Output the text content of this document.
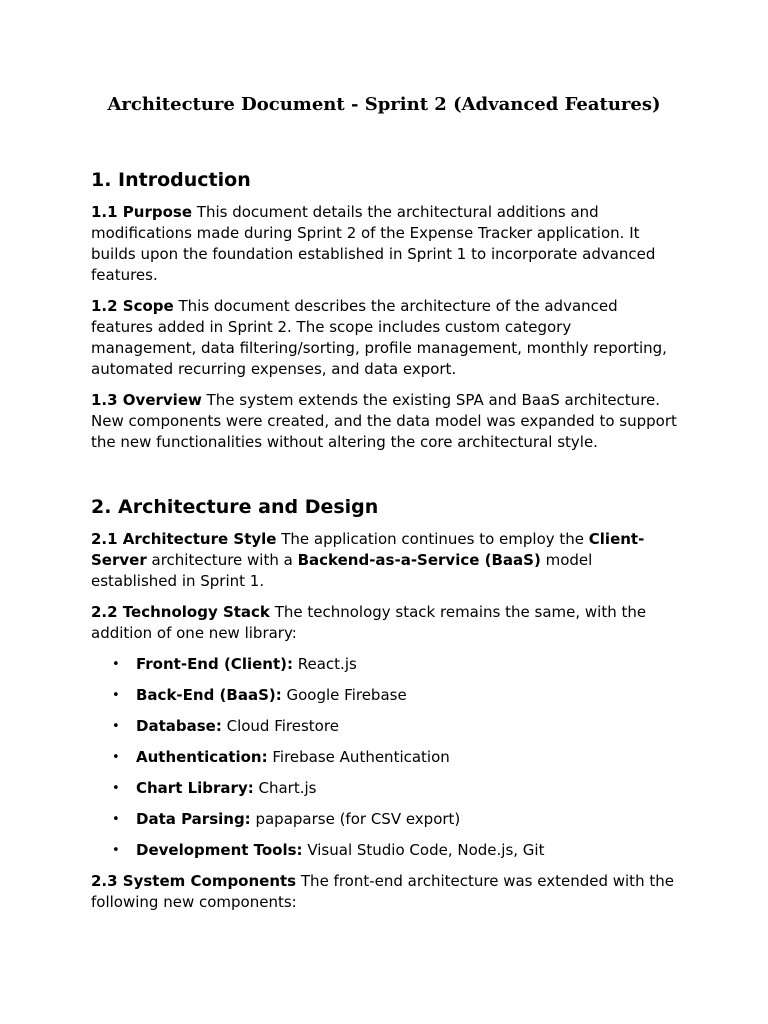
Architecture Document - Sprint 2 (Advanced Features)
1. Introduction

1.1 Purpose This document details the architectural additions and modifications made during Sprint 2 of the Expense Tracker application. It builds upon the foundation established in Sprint 1 to incorporate advanced features.

1.2 Scope This document describes the architecture of the advanced features added in Sprint 2. The scope includes custom category management, data filtering/sorting, profile management, monthly reporting, automated recurring expenses, and data export.

1.3 Overview The system extends the existing SPA and BaaS architecture. New components were created, and the data model was expanded to support the new functionalities without altering the core architectural style.

2. Architecture and Design

2.1 Architecture Style The application continues to employ the Client-Server architecture with a Backend-as-a-Service (BaaS) model established in Sprint 1.

2.2 Technology Stack The technology stack remains the same, with the addition of one new library:

• Front-End (Client): React.js
• Back-End (BaaS): Google Firebase
• Database: Cloud Firestore
• Authentication: Firebase Authentication
• Chart Library: Chart.js
• Data Parsing: papaparse (for CSV export)
• Development Tools: Visual Studio Code, Node.js, Git

2.3 System Components The front-end architecture was extended with the following new components:
